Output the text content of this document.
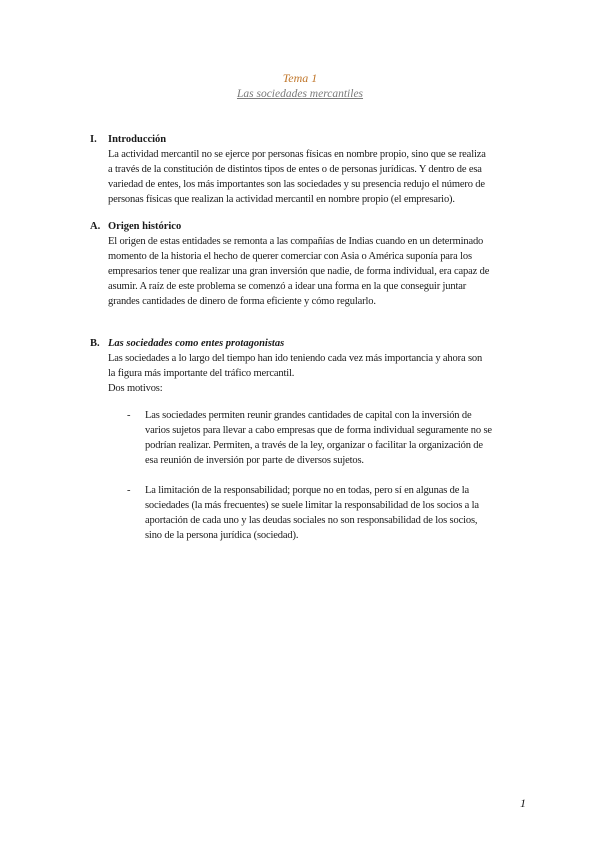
Tema 1
Las sociedades mercantiles
I. Introducción
La actividad mercantil no se ejerce por personas físicas en nombre propio, sino que se realiza
a través de la constitución de distintos tipos de entes o de personas jurídicas. Y dentro de esa
variedad de entes, los más importantes son las sociedades y su presencia redujo el número de
personas físicas que realizan la actividad mercantil en nombre propio (el empresario).
A. Origen histórico
El origen de estas entidades se remonta a las compañías de Indias cuando en un determinado
momento de la historia el hecho de querer comerciar con Asia o América suponía para los
empresarios tener que realizar una gran inversión que nadie, de forma individual, era capaz de
asumir. A raíz de este problema se comenzó a idear una forma en la que conseguir juntar
grandes cantidades de dinero de forma eficiente y cómo regularlo.
B. Las sociedades como entes protagonistas
Las sociedades a lo largo del tiempo han ido teniendo cada vez más importancia y ahora son
la figura más importante del tráfico mercantil.
Dos motivos:
- Las sociedades permiten reunir grandes cantidades de capital con la inversión de
varios sujetos para llevar a cabo empresas que de forma individual seguramente no se
podrían realizar. Permiten, a través de la ley, organizar o facilitar la organización de
esa reunión de inversión por parte de diversos sujetos.
- La limitación de la responsabilidad; porque no en todas, pero sí en algunas de la
sociedades (la más frecuentes) se suele limitar la responsabilidad de los socios a la
aportación de cada uno y las deudas sociales no son responsabilidad de los socios,
sino de la persona jurídica (sociedad).
1
